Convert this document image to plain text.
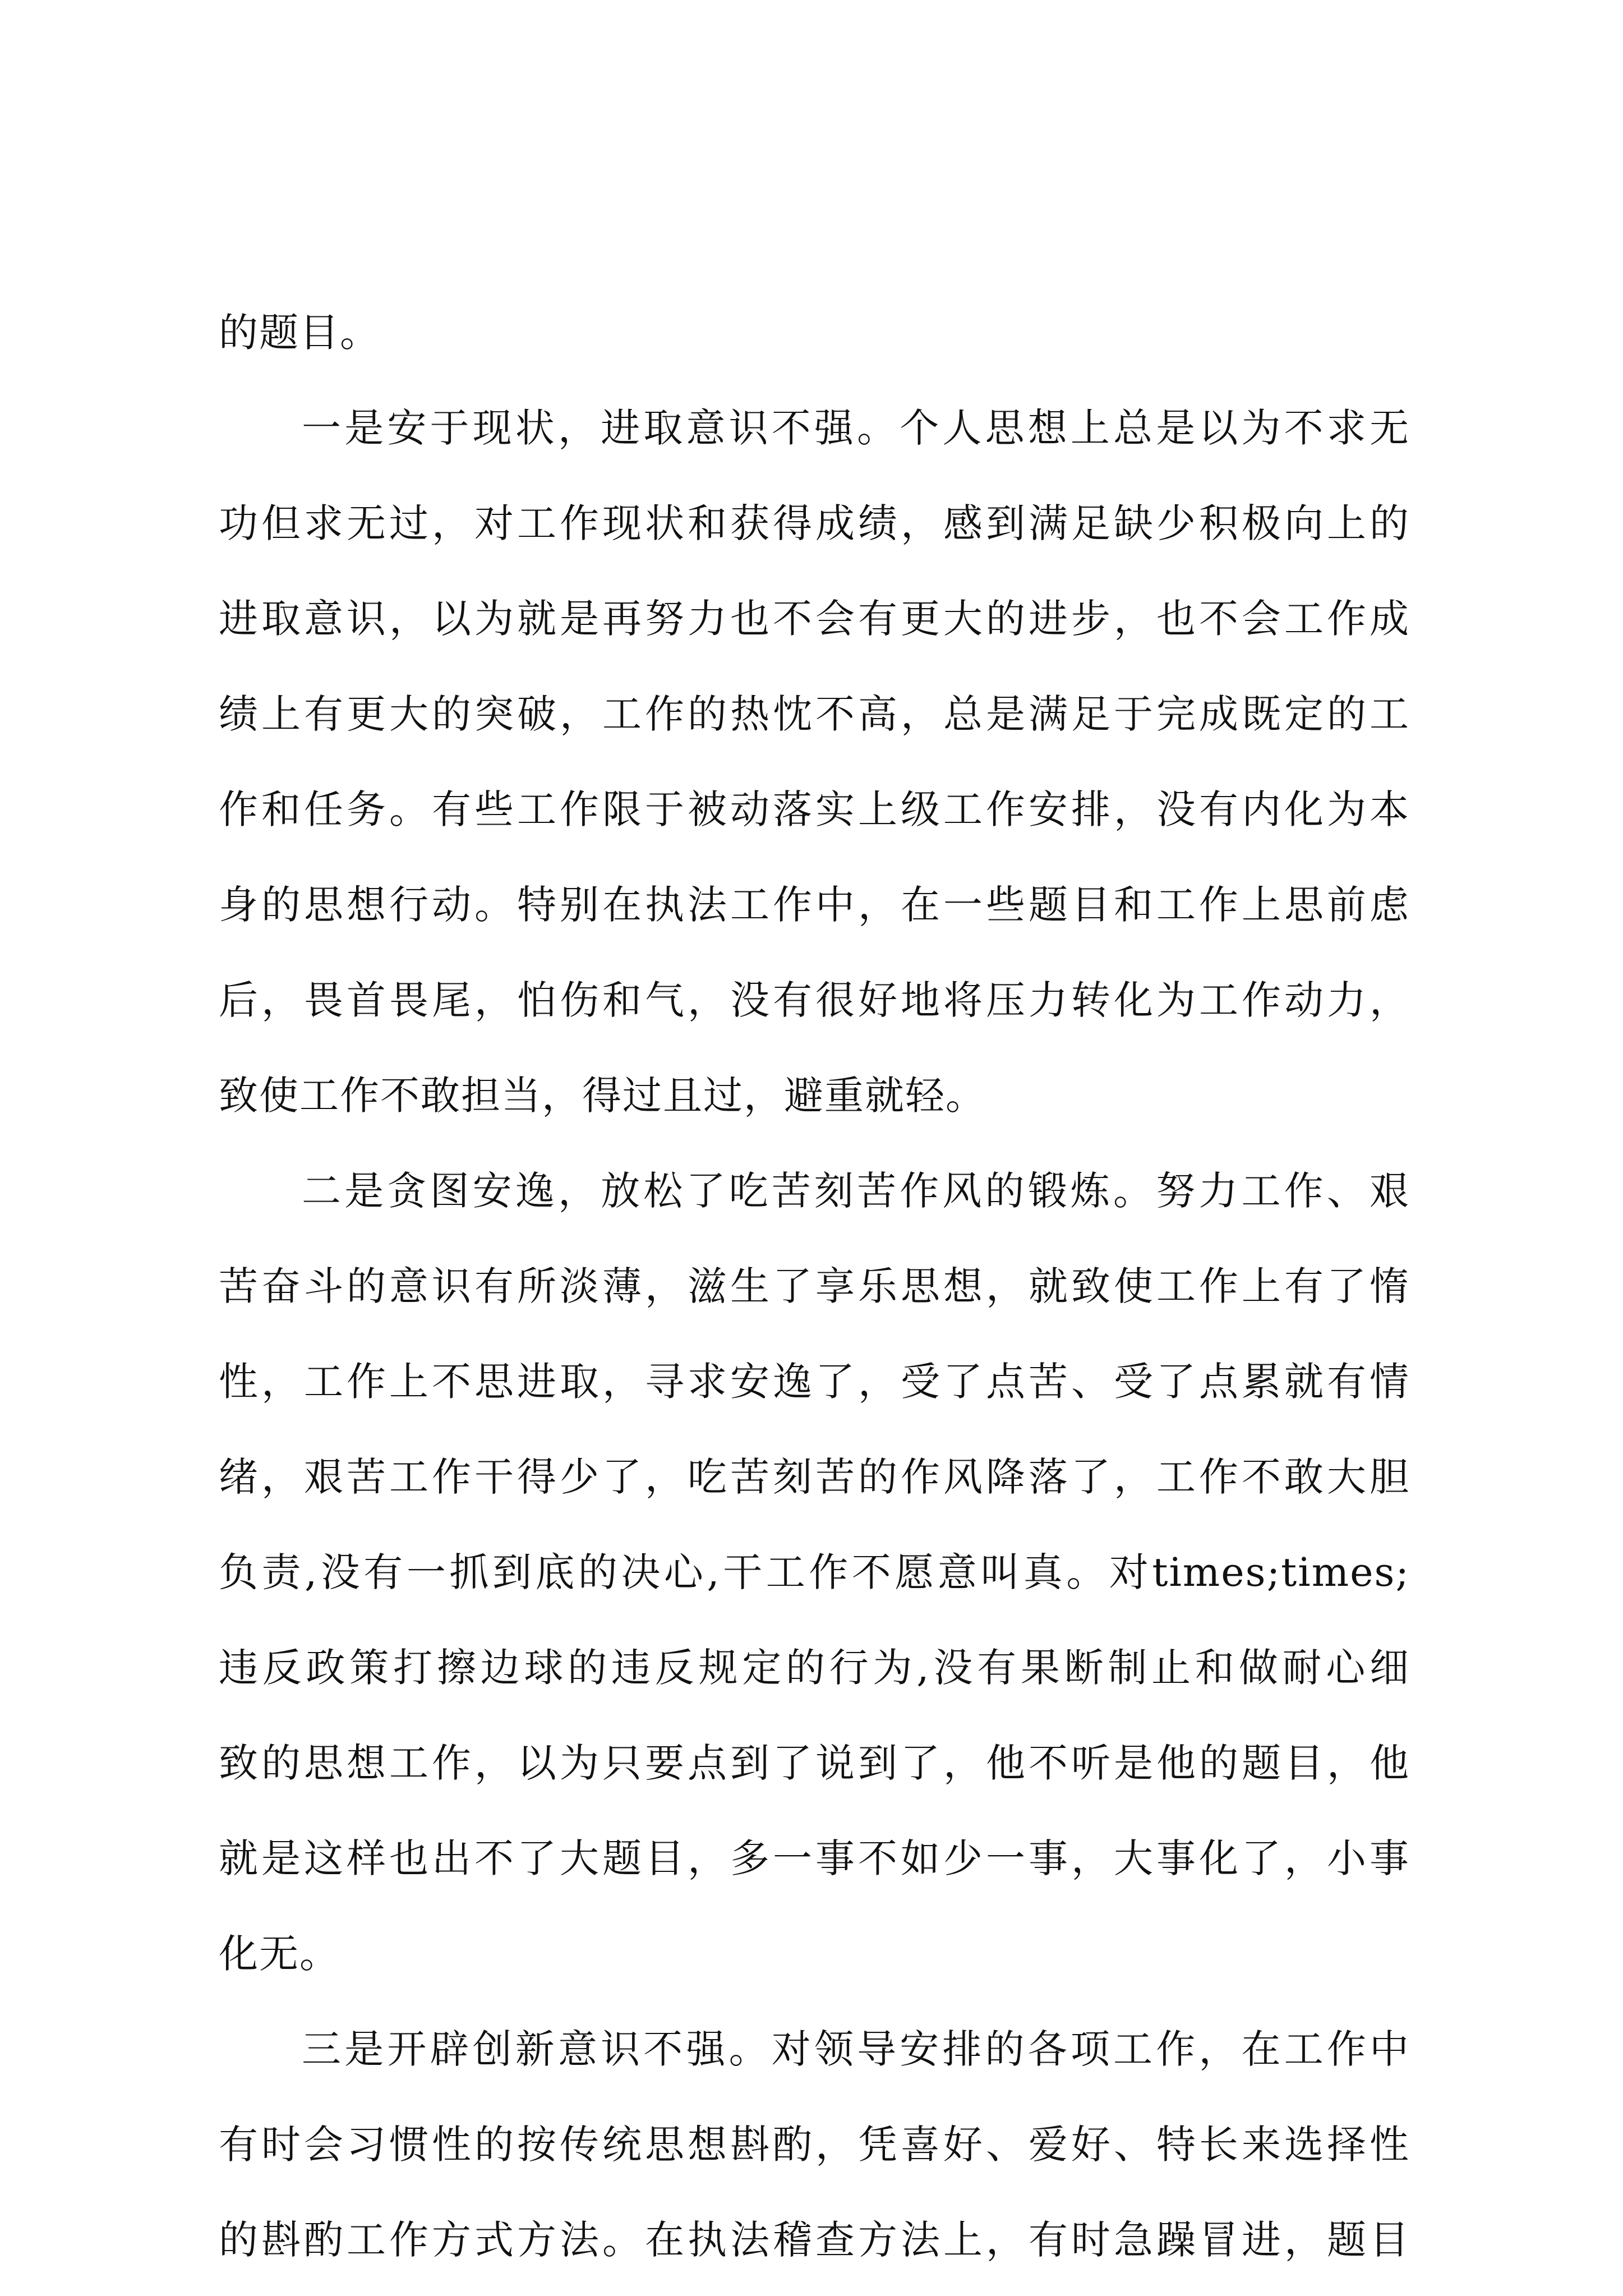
的题目。
一是安于现状，进取意识不强。个人思想上总是以为不求无
功但求无过，对工作现状和获得成绩，感到满足缺少积极向上的
进取意识，以为就是再努力也不会有更大的进步，也不会工作成
绩上有更大的突破，工作的热忱不高，总是满足于完成既定的工
作和任务。有些工作限于被动落实上级工作安排，没有内化为本
身的思想行动。特别在执法工作中，在一些题目和工作上思前虑
后，畏首畏尾，怕伤和气，没有很好地将压力转化为工作动力，
致使工作不敢担当，得过且过，避重就轻。
二是贪图安逸，放松了吃苦刻苦作风的锻炼。努力工作、艰
苦奋斗的意识有所淡薄，滋生了享乐思想，就致使工作上有了惰
性，工作上不思进取，寻求安逸了，受了点苦、受了点累就有情
绪，艰苦工作干得少了，吃苦刻苦的作风降落了，工作不敢大胆
负责,没有一抓到底的决心,干工作不愿意叫真。对times;times;
违反政策打擦边球的违反规定的行为,没有果断制止和做耐心细
致的思想工作，以为只要点到了说到了，他不听是他的题目，他
就是这样也出不了大题目，多一事不如少一事，大事化了，小事
化无。
三是开辟创新意识不强。对领导安排的各项工作，在工作中
有时会习惯性的按传统思想斟酌，凭喜好、爱好、特长来选择性
的斟酌工作方式方法。在执法稽查方法上，有时急躁冒进，题目
